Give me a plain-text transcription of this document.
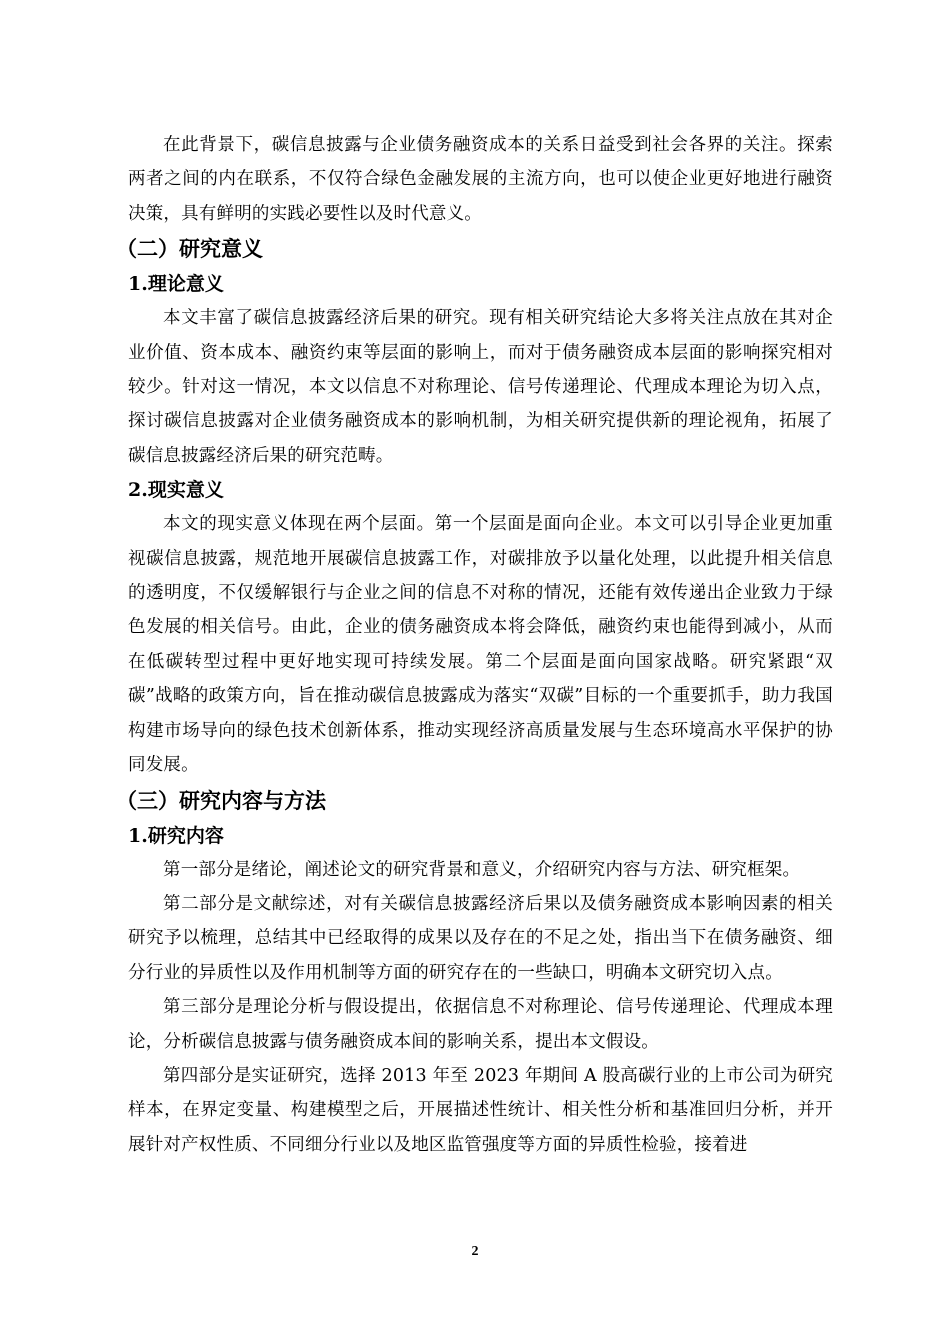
在此背景下，碳信息披露与企业债务融资成本的关系日益受到社会各界的关注。探索两者之间的内在联系，不仅符合绿色金融发展的主流方向，也可以使企业更好地进行融资决策，具有鲜明的实践必要性以及时代意义。

（二）研究意义
1.理论意义

本文丰富了碳信息披露经济后果的研究。现有相关研究结论大多将关注点放在其对企业价值、资本成本、融资约束等层面的影响上，而对于债务融资成本层面的影响探究相对较少。针对这一情况，本文以信息不对称理论、信号传递理论、代理成本理论为切入点，探讨碳信息披露对企业债务融资成本的影响机制，为相关研究提供新的理论视角，拓展了碳信息披露经济后果的研究范畴。

2.现实意义

本文的现实意义体现在两个层面。第一个层面是面向企业。本文可以引导企业更加重视碳信息披露，规范地开展碳信息披露工作，对碳排放予以量化处理，以此提升相关信息的透明度，不仅缓解银行与企业之间的信息不对称的情况，还能有效传递出企业致力于绿色发展的相关信号。由此，企业的债务融资成本将会降低，融资约束也能得到减小，从而在低碳转型过程中更好地实现可持续发展。第二个层面是面向国家战略。研究紧跟“双碳”战略的政策方向，旨在推动碳信息披露成为落实“双碳”目标的一个重要抓手，助力我国构建市场导向的绿色技术创新体系，推动实现经济高质量发展与生态环境高水平保护的协同发展。

（三）研究内容与方法
1.研究内容

第一部分是绪论，阐述论文的研究背景和意义，介绍研究内容与方法、研究框架。

第二部分是文献综述，对有关碳信息披露经济后果以及债务融资成本影响因素的相关研究予以梳理，总结其中已经取得的成果以及存在的不足之处，指出当下在债务融资、细分行业的异质性以及作用机制等方面的研究存在的一些缺口，明确本文研究切入点。

第三部分是理论分析与假设提出，依据信息不对称理论、信号传递理论、代理成本理论，分析碳信息披露与债务融资成本间的影响关系，提出本文假设。

第四部分是实证研究，选择 2013 年至 2023 年期间 A 股高碳行业的上市公司为研究样本，在界定变量、构建模型之后，开展描述性统计、相关性分析和基准回归分析，并开展针对产权性质、不同细分行业以及地区监管强度等方面的异质性检验，接着进

2
